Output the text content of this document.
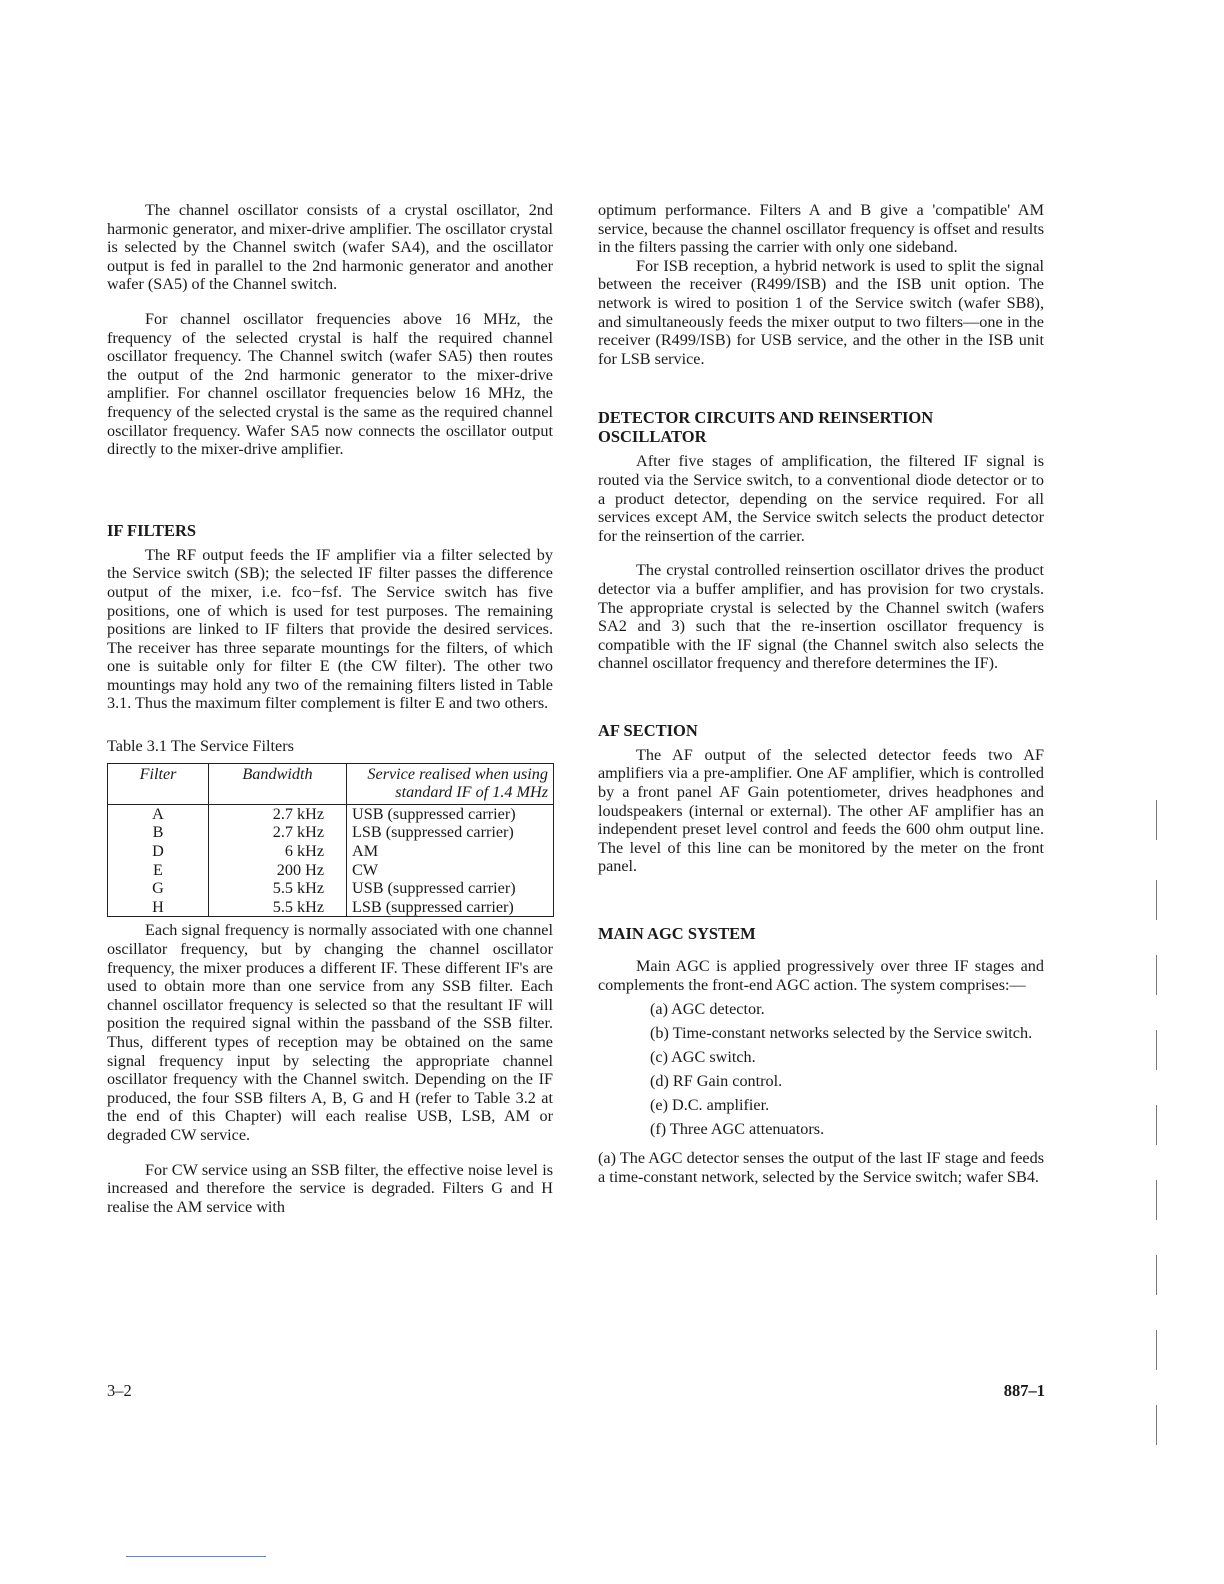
The channel oscillator consists of a crystal oscillator, 2nd harmonic generator, and mixer-drive amplifier. The oscillator crystal is selected by the Channel switch (wafer SA4), and the oscillator output is fed in parallel to the 2nd harmonic generator and another wafer (SA5) of the Channel switch.

For channel oscillator frequencies above 16 MHz, the frequency of the selected crystal is half the required channel oscillator frequency. The Channel switch (wafer SA5) then routes the output of the 2nd harmonic generator to the mixer-drive amplifier. For channel oscillator frequencies below 16 MHz, the frequency of the selected crystal is the same as the required channel oscillator frequency. Wafer SA5 now connects the oscillator output directly to the mixer-drive amplifier.

IF FILTERS

The RF output feeds the IF amplifier via a filter selected by the Service switch (SB); the selected IF filter passes the difference output of the mixer, i.e. fco−fsf. The Service switch has five positions, one of which is used for test purposes. The remaining positions are linked to IF filters that provide the desired services. The receiver has three separate mountings for the filters, of which one is suitable only for filter E (the CW filter). The other two mountings may hold any two of the remaining filters listed in Table 3.1. Thus the maximum filter complement is filter E and two others.

Table 3.1 The Service Filters
Filter	Bandwidth	Service realised when using standard IF of 1.4 MHz
A	2.7 kHz	USB (suppressed carrier)
B	2.7 kHz	LSB (suppressed carrier)
D	6 kHz	AM
E	200 Hz	CW
G	5.5 kHz	USB (suppressed carrier)
H	5.5 kHz	LSB (suppressed carrier)

Each signal frequency is normally associated with one channel oscillator frequency, but by changing the channel oscillator frequency, the mixer produces a different IF. These different IF's are used to obtain more than one service from any SSB filter. Each channel oscillator frequency is selected so that the resultant IF will position the required signal within the passband of the SSB filter. Thus, different types of reception may be obtained on the same signal frequency input by selecting the appropriate channel oscillator frequency with the Channel switch. Depending on the IF produced, the four SSB filters A, B, G and H (refer to Table 3.2 at the end of this Chapter) will each realise USB, LSB, AM or degraded CW service.

For CW service using an SSB filter, the effective noise level is increased and therefore the service is degraded. Filters G and H realise the AM service with

optimum performance. Filters A and B give a 'compatible' AM service, because the channel oscillator frequency is offset and results in the filters passing the carrier with only one sideband.

For ISB reception, a hybrid network is used to split the signal between the receiver (R499/ISB) and the ISB unit option. The network is wired to position 1 of the Service switch (wafer SB8), and simultaneously feeds the mixer output to two filters—one in the receiver (R499/ISB) for USB service, and the other in the ISB unit for LSB service.

DETECTOR CIRCUITS AND REINSERTION OSCILLATOR

After five stages of amplification, the filtered IF signal is routed via the Service switch, to a conventional diode detector or to a product detector, depending on the service required. For all services except AM, the Service switch selects the product detector for the reinsertion of the carrier.

The crystal controlled reinsertion oscillator drives the product detector via a buffer amplifier, and has provision for two crystals. The appropriate crystal is selected by the Channel switch (wafers SA2 and 3) such that the re-insertion oscillator frequency is compatible with the IF signal (the Channel switch also selects the channel oscillator frequency and therefore determines the IF).

AF SECTION

The AF output of the selected detector feeds two AF amplifiers via a pre-amplifier. One AF amplifier, which is controlled by a front panel AF Gain potentiometer, drives headphones and loudspeakers (internal or external). The other AF amplifier has an independent preset level control and feeds the 600 ohm output line. The level of this line can be monitored by the meter on the front panel.

MAIN AGC SYSTEM

Main AGC is applied progressively over three IF stages and complements the front-end AGC action. The system comprises:—

(a) AGC detector.
(b) Time-constant networks selected by the Service switch.
(c) AGC switch.
(d) RF Gain control.
(e) D.C. amplifier.
(f) Three AGC attenuators.

(a) The AGC detector senses the output of the last IF stage and feeds a time-constant network, selected by the Service switch; wafer SB4.

3–2	887–1
